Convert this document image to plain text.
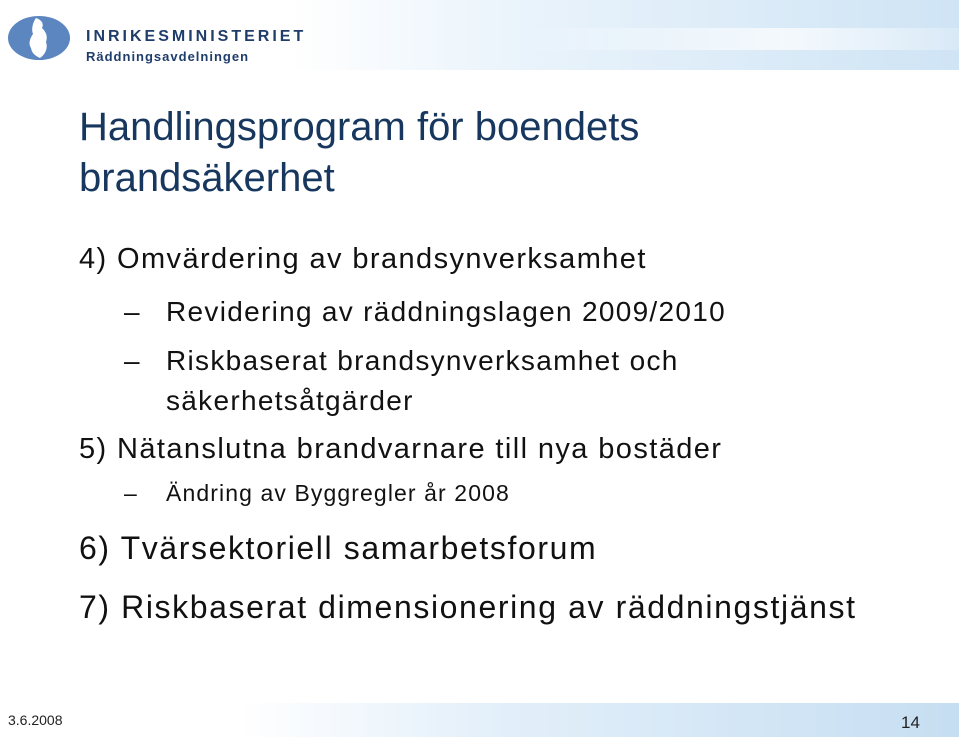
INRIKESMINISTERIET
Räddningsavdelningen
Handlingsprogram för boendets
brandsäkerhet
4) Omvärdering av brandsynverksamhet
– Revidering av räddningslagen 2009/2010
– Riskbaserat brandsynverksamhet och
säkerhetsåtgärder
5) Nätanslutna brandvarnare till nya bostäder
– Ändring av Byggregler år 2008
6) Tvärsektoriell samarbetsforum
7) Riskbaserat dimensionering av räddningstjänst
3.6.2008	14
